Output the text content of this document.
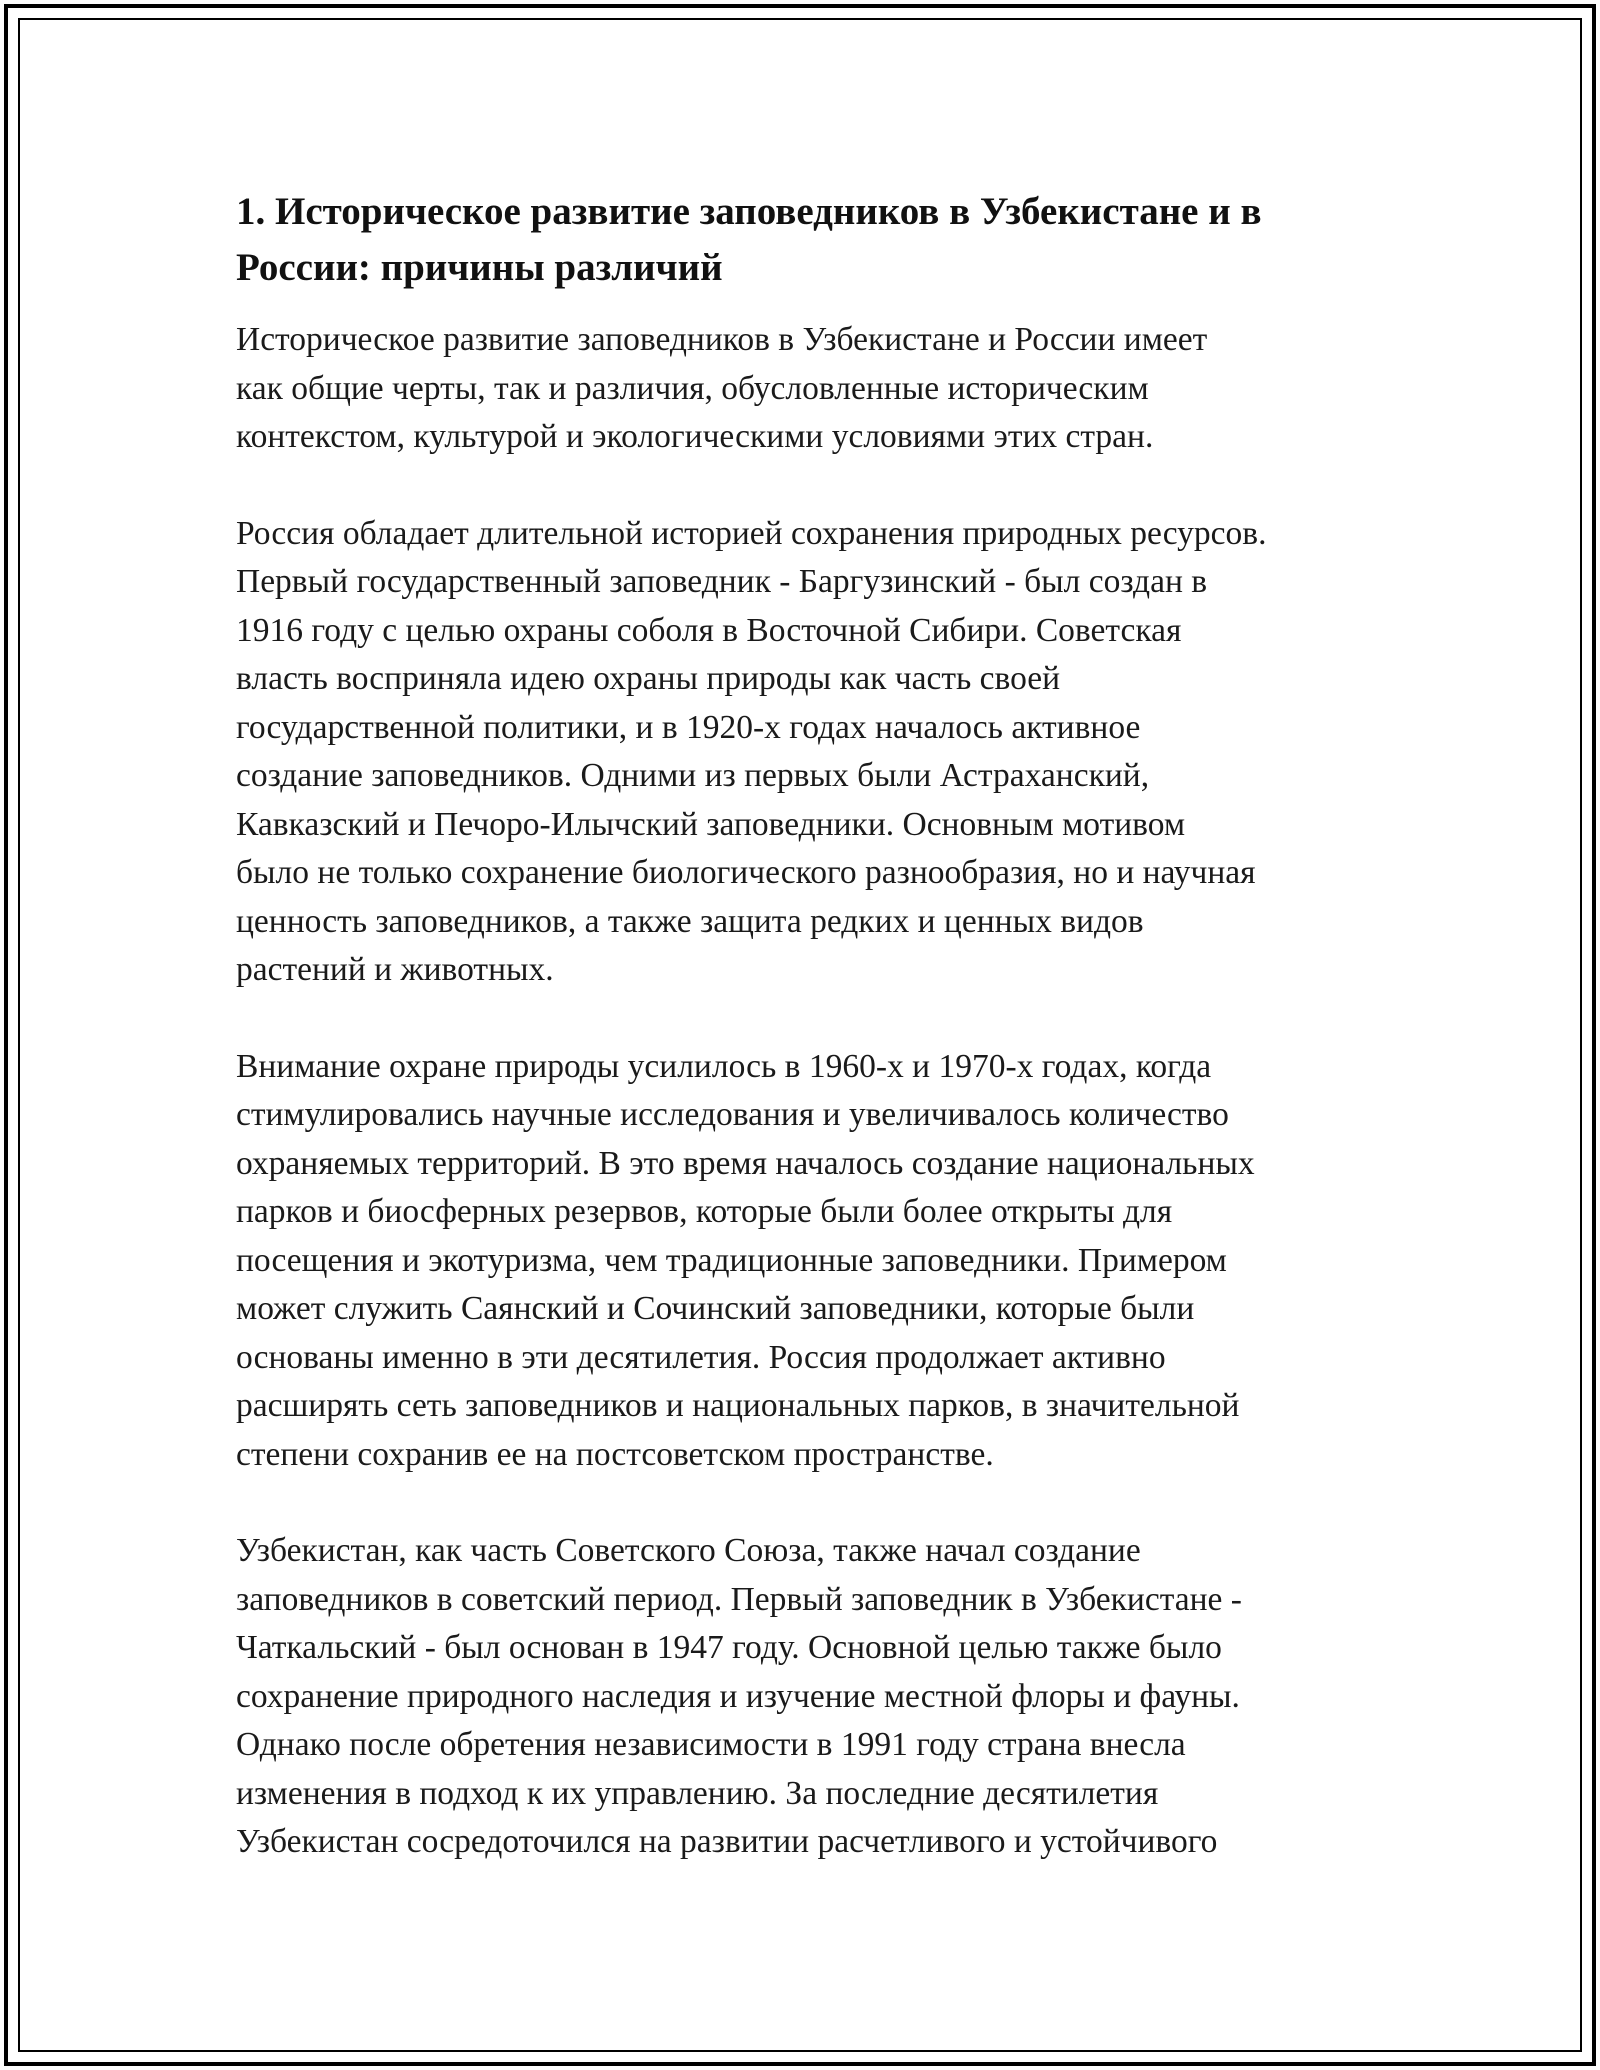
1. Историческое развитие заповедников в Узбекистане и в
России: причины различий

Историческое развитие заповедников в Узбекистане и России имеет
как общие черты, так и различия, обусловленные историческим
контекстом, культурой и экологическими условиями этих стран.

Россия обладает длительной историей сохранения природных ресурсов.
Первый государственный заповедник - Баргузинский - был создан в
1916 году с целью охраны соболя в Восточной Сибири. Советская
власть восприняла идею охраны природы как часть своей
государственной политики, и в 1920-х годах началось активное
создание заповедников. Одними из первых были Астраханский,
Кавказский и Печоро-Илычский заповедники. Основным мотивом
было не только сохранение биологического разнообразия, но и научная
ценность заповедников, а также защита редких и ценных видов
растений и животных.

Внимание охране природы усилилось в 1960-х и 1970-х годах, когда
стимулировались научные исследования и увеличивалось количество
охраняемых территорий. В это время началось создание национальных
парков и биосферных резервов, которые были более открыты для
посещения и экотуризма, чем традиционные заповедники. Примером
может служить Саянский и Сочинский заповедники, которые были
основаны именно в эти десятилетия. Россия продолжает активно
расширять сеть заповедников и национальных парков, в значительной
степени сохранив ее на постсоветском пространстве.

Узбекистан, как часть Советского Союза, также начал создание
заповедников в советский период. Первый заповедник в Узбекистане -
Чаткальский - был основан в 1947 году. Основной целью также было
сохранение природного наследия и изучение местной флоры и фауны.
Однако после обретения независимости в 1991 году страна внесла
изменения в подход к их управлению. За последние десятилетия
Узбекистан сосредоточился на развитии расчетливого и устойчивого
